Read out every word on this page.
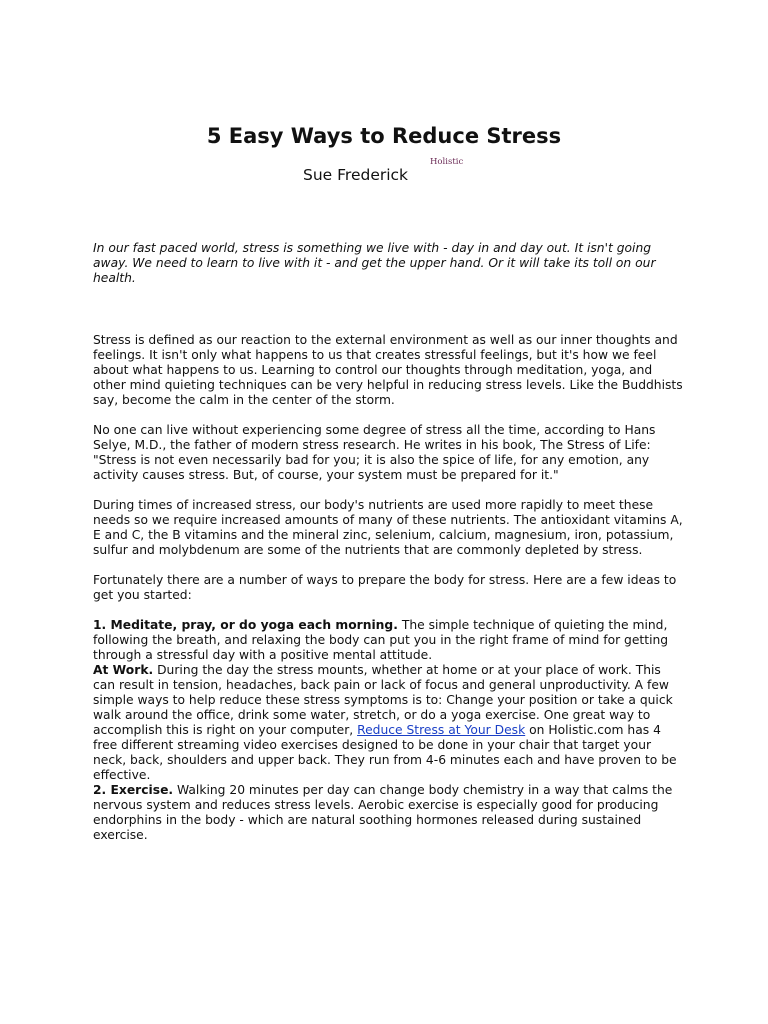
5 Easy Ways to Reduce Stress
Sue Frederick
Holistic

In our fast paced world, stress is something we live with - day in and day out. It isn't going away. We need to learn to live with it - and get the upper hand. Or it will take its toll on our health.

Stress is defined as our reaction to the external environment as well as our inner thoughts and feelings. It isn't only what happens to us that creates stressful feelings, but it's how we feel about what happens to us. Learning to control our thoughts through meditation, yoga, and other mind quieting techniques can be very helpful in reducing stress levels. Like the Buddhists say, become the calm in the center of the storm.

No one can live without experiencing some degree of stress all the time, according to Hans Selye, M.D., the father of modern stress research. He writes in his book, The Stress of Life: "Stress is not even necessarily bad for you; it is also the spice of life, for any emotion, any activity causes stress. But, of course, your system must be prepared for it."

During times of increased stress, our body's nutrients are used more rapidly to meet these needs so we require increased amounts of many of these nutrients. The antioxidant vitamins A, E and C, the B vitamins and the mineral zinc, selenium, calcium, magnesium, iron, potassium, sulfur and molybdenum are some of the nutrients that are commonly depleted by stress.

Fortunately there are a number of ways to prepare the body for stress. Here are a few ideas to get you started:

1. Meditate, pray, or do yoga each morning. The simple technique of quieting the mind, following the breath, and relaxing the body can put you in the right frame of mind for getting through a stressful day with a positive mental attitude.

At Work. During the day the stress mounts, whether at home or at your place of work. This can result in tension, headaches, back pain or lack of focus and general unproductivity. A few simple ways to help reduce these stress symptoms is to: Change your position or take a quick walk around the office, drink some water, stretch, or do a yoga exercise. One great way to accomplish this is right on your computer, Reduce Stress at Your Desk on Holistic.com has 4 free different streaming video exercises designed to be done in your chair that target your neck, back, shoulders and upper back. They run from 4-6 minutes each and have proven to be effective.

2. Exercise. Walking 20 minutes per day can change body chemistry in a way that calms the nervous system and reduces stress levels. Aerobic exercise is especially good for producing endorphins in the body - which are natural soothing hormones released during sustained exercise.
